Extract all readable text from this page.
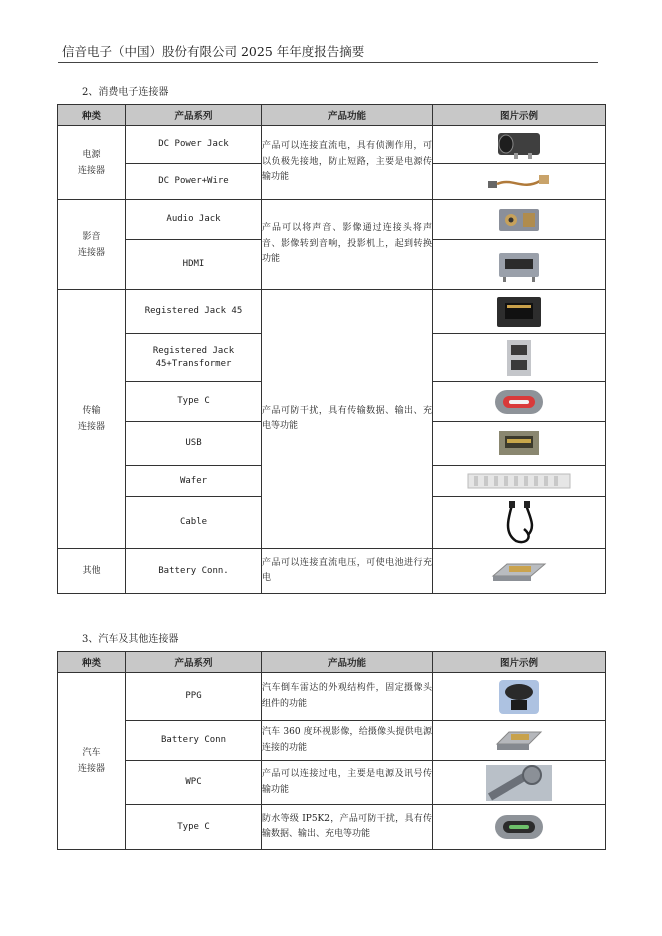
信音电子（中国）股份有限公司 2025 年年度报告摘要
2、消费电子连接器
种类	产品系列	产品功能	图片示例
电源
连接器	DC Power Jack	产品可以连接直流电，具有侦测作用，可以负极先接地，防止短路，主要是电源传输功能	
	DC Power+Wire	
影音
连接器	Audio Jack	产品可以将声音、影像通过连接头将声音、影像转到音响，投影机上，起到转换功能	
	HDMI	
传输
连接器	Registered Jack 45	产品可防干扰，具有传输数据、输出、充电等功能	
	Registered Jack
45+Transformer	
	Type C	
	USB	
	Wafer	
	Cable	
其他	Battery Conn.	产品可以连接直流电压，可使电池进行充电	
3、汽车及其他连接器
种类	产品系列	产品功能	图片示例
汽车
连接器	PPG	汽车倒车雷达的外观结构件，固定摄像头组件的功能	
	Battery Conn	汽车 360 度环视影像，给摄像头提供电源连接的功能	
	WPC	产品可以连接过电，主要是电源及讯号传输功能	
	Type C	防水等级 IP5K2，产品可防干扰，具有传输数据、输出、充电等功能	
